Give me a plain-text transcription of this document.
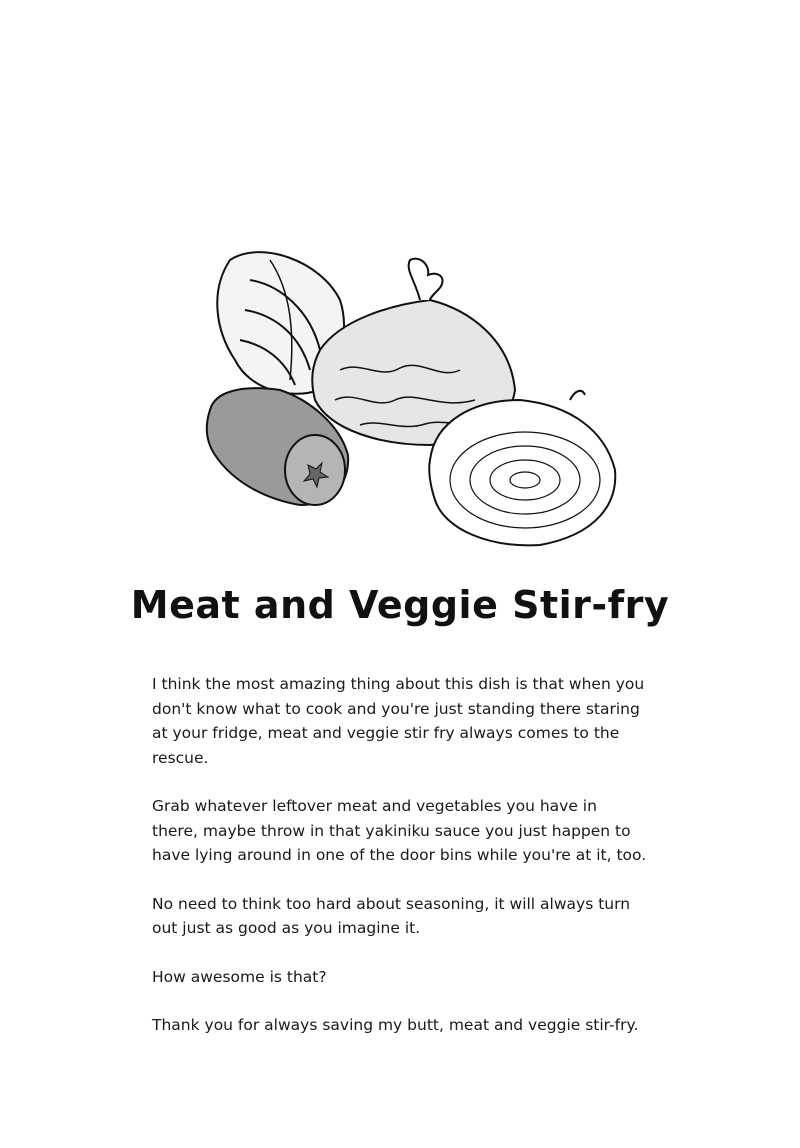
Meat and Veggie Stir-fry

I think the most amazing thing about this dish is that when you
don't know what to cook and you're just standing there staring
at your fridge, meat and veggie stir fry always comes to the
rescue.

Grab whatever leftover meat and vegetables you have in
there, maybe throw in that yakiniku sauce you just happen to
have lying around in one of the door bins while you're at it, too.

No need to think too hard about seasoning, it will always turn
out just as good as you imagine it.

How awesome is that?

Thank you for always saving my butt, meat and veggie stir-fry.
